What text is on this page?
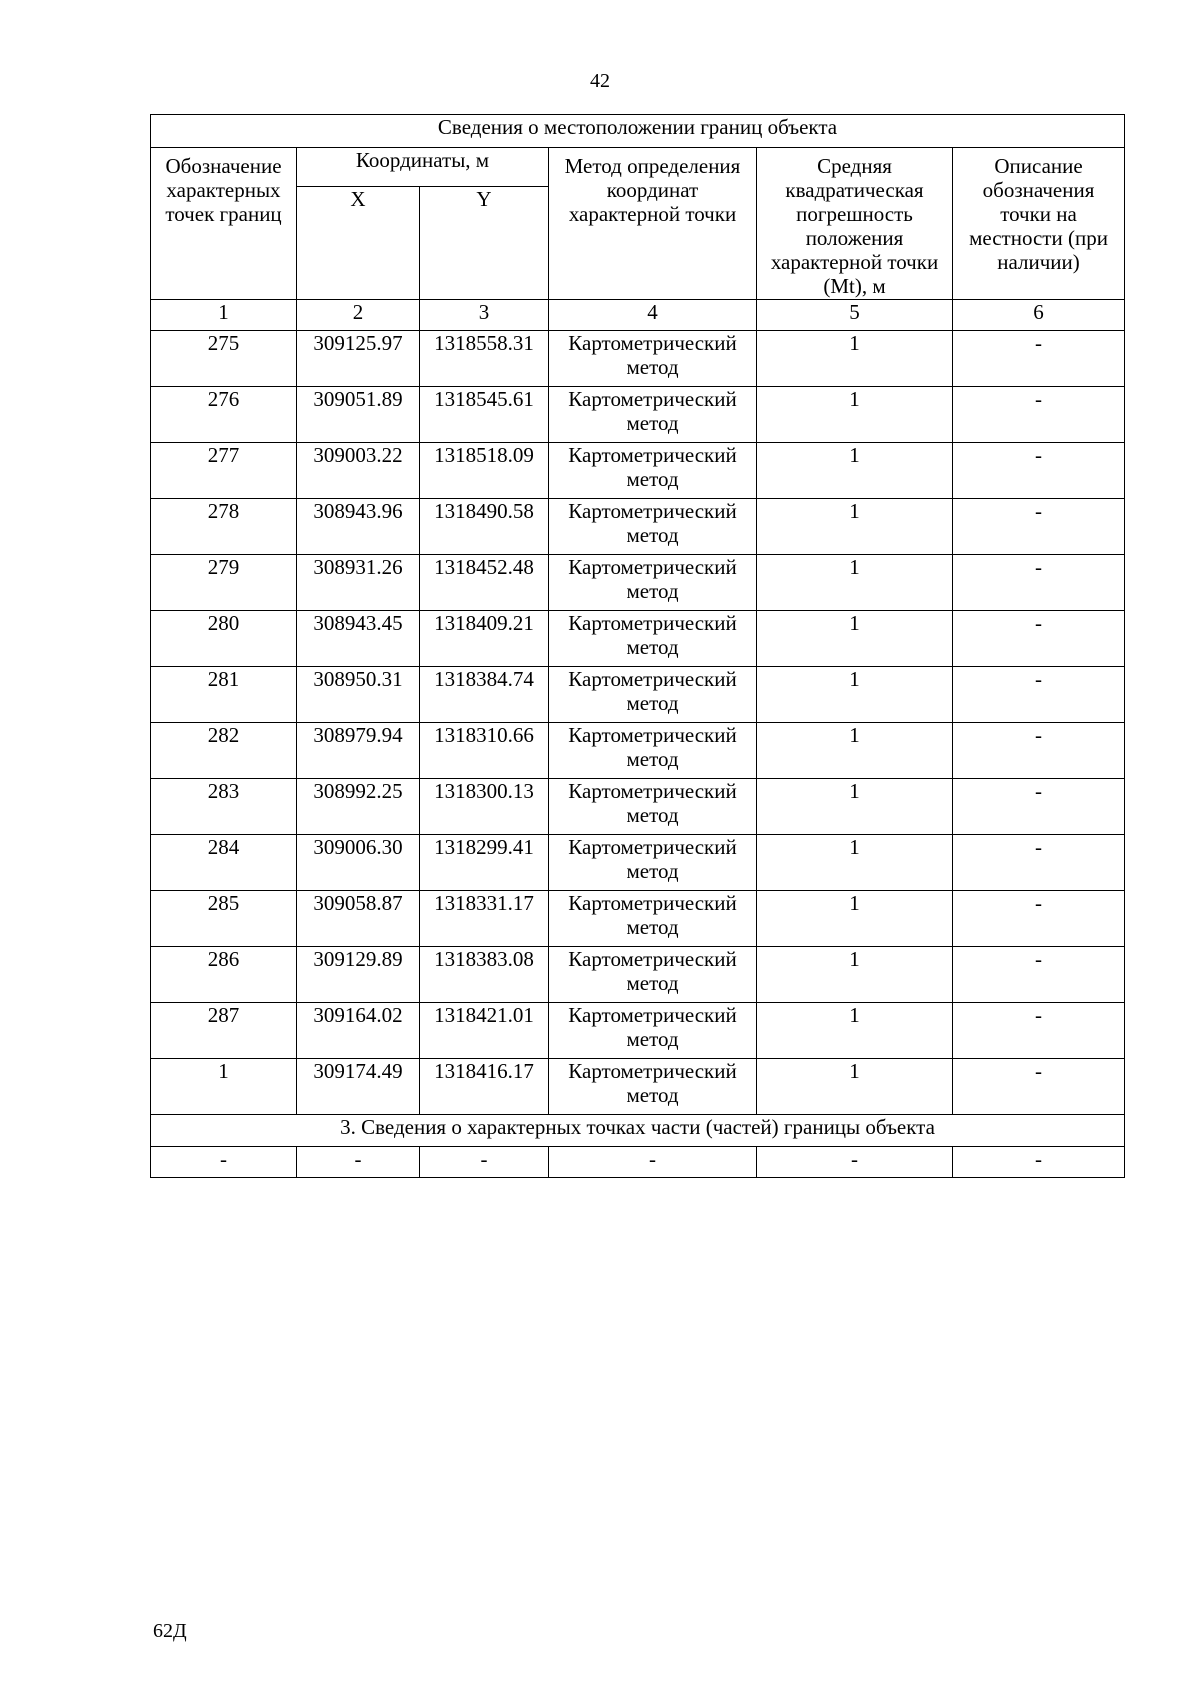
42
Сведения о местоположении границ объекта					
Обозначение характерных точек границ	Координаты, м		Метод определения координат характерной точки	Средняя квадратическая погрешность положения характерной точки (Mt), м	Описание обозначения точки на местности (при наличии)
	X	Y			
1	2	3	4	5	6
275	309125.97	1318558.31	Картометрический метод	1	-
276	309051.89	1318545.61	Картометрический метод	1	-
277	309003.22	1318518.09	Картометрический метод	1	-
278	308943.96	1318490.58	Картометрический метод	1	-
279	308931.26	1318452.48	Картометрический метод	1	-
280	308943.45	1318409.21	Картометрический метод	1	-
281	308950.31	1318384.74	Картометрический метод	1	-
282	308979.94	1318310.66	Картометрический метод	1	-
283	308992.25	1318300.13	Картометрический метод	1	-
284	309006.30	1318299.41	Картометрический метод	1	-
285	309058.87	1318331.17	Картометрический метод	1	-
286	309129.89	1318383.08	Картометрический метод	1	-
287	309164.02	1318421.01	Картометрический метод	1	-
1	309174.49	1318416.17	Картометрический метод	1	-
3. Сведения о характерных точках части (частей) границы объекта					
-	-	-	-	-	-
62Д
